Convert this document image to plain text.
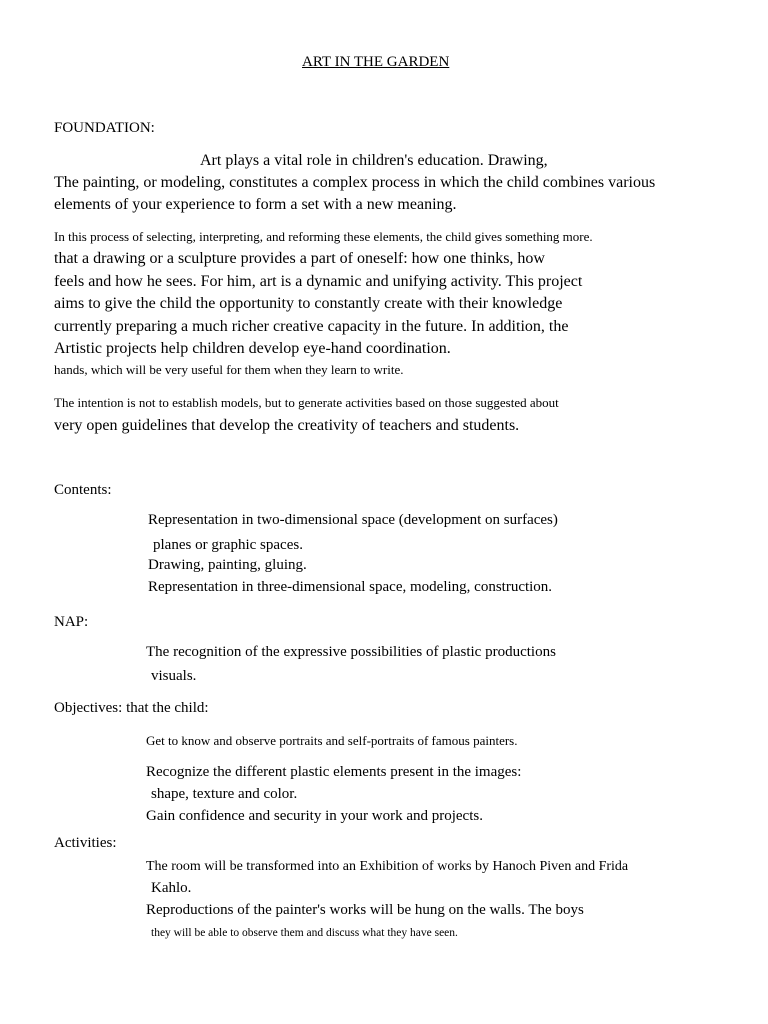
ART IN THE GARDEN
FOUNDATION:
Art plays a vital role in children's education. Drawing,
The painting, or modeling, constitutes a complex process in which the child combines various
elements of your experience to form a set with a new meaning.
In this process of selecting, interpreting, and reforming these elements, the child gives something more.
that a drawing or a sculpture provides a part of oneself: how one thinks, how
feels and how he sees. For him, art is a dynamic and unifying activity. This project
aims to give the child the opportunity to constantly create with their knowledge
currently preparing a much richer creative capacity in the future. In addition, the
Artistic projects help children develop eye-hand coordination.
hands, which will be very useful for them when they learn to write.
The intention is not to establish models, but to generate activities based on those suggested about
very open guidelines that develop the creativity of teachers and students.
Contents:
Representation in two-dimensional space (development on surfaces)
planes or graphic spaces.
Drawing, painting, gluing.
Representation in three-dimensional space, modeling, construction.
NAP:
The recognition of the expressive possibilities of plastic productions
visuals.
Objectives: that the child:
Get to know and observe portraits and self-portraits of famous painters.
Recognize the different plastic elements present in the images:
shape, texture and color.
Gain confidence and security in your work and projects.
Activities:
The room will be transformed into an Exhibition of works by Hanoch Piven and Frida
Kahlo.
Reproductions of the painter's works will be hung on the walls. The boys
they will be able to observe them and discuss what they have seen.
